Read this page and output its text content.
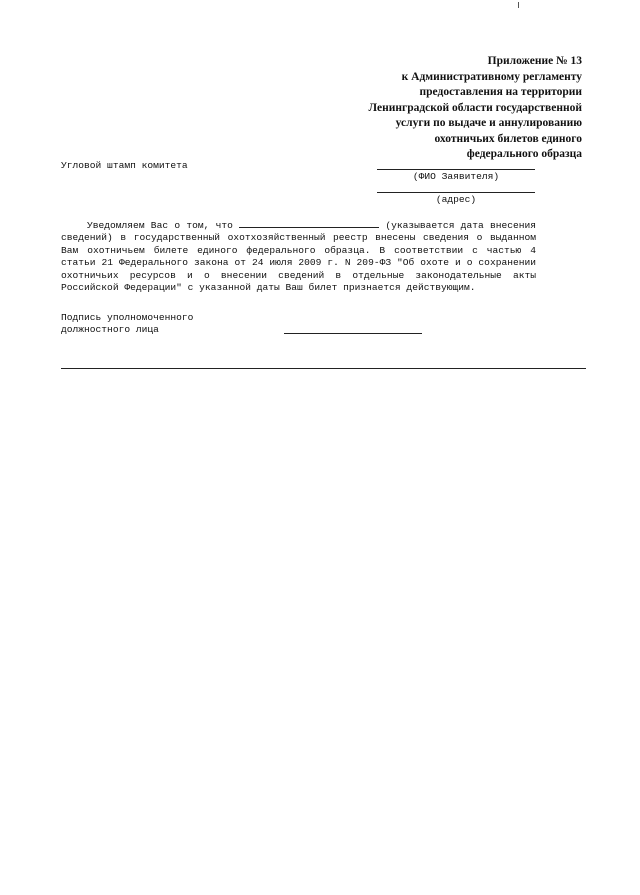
Приложение № 13
к Административному регламенту
предоставления на территории
Ленинградской области государственной
услуги по выдаче и аннулированию
охотничьих билетов единого
федерального образца
Угловой штамп комитета
(ФИО Заявителя)
(адрес)
Уведомляем Вас о том, что	(указывается дата внесения сведений) в государственный охотхозяйственный реестр внесены сведения о выданном Вам охотничьем билете единого федерального образца. В соответствии с частью 4 статьи 21 Федерального закона от 24 июля 2009 г. N 209-ФЗ "Об охоте и о сохранении охотничьих ресурсов и о внесении сведений в отдельные законодательные акты Российской Федерации" с указанной даты Ваш билет признается действующим.
Подпись уполномоченного
должностного лица
